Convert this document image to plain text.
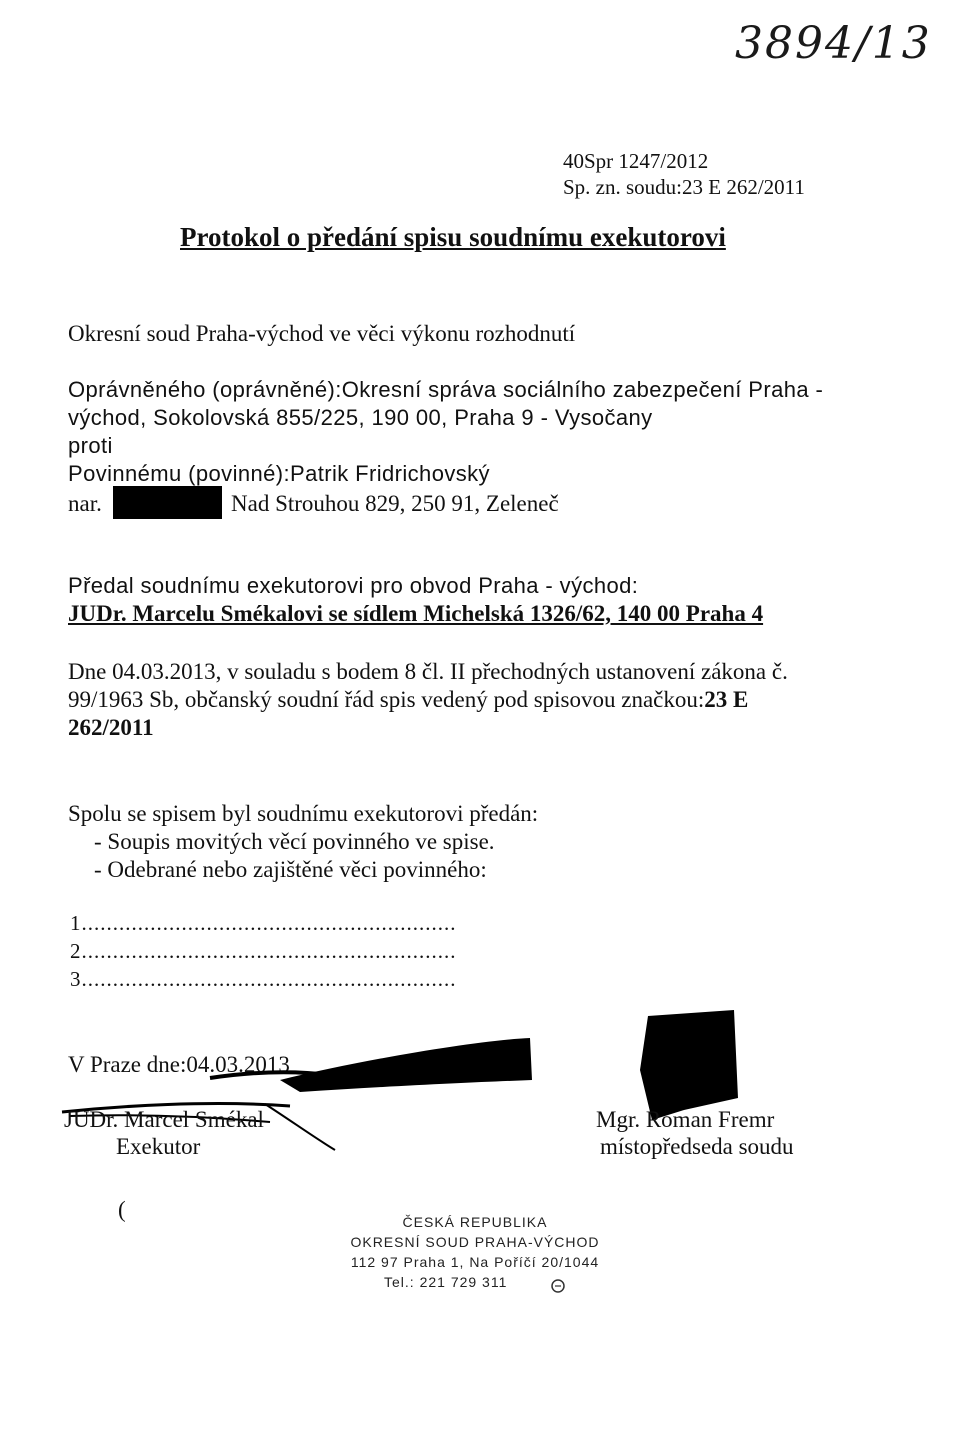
3894/13
40Spr 1247/2012
Sp. zn. soudu:23 E 262/2011
Protokol o předání spisu soudnímu exekutorovi
Okresní soud Praha-východ ve věci výkonu rozhodnutí
Oprávněného (oprávněné):Okresní správa sociálního zabezpečení Praha -
východ, Sokolovská 855/225, 190 00, Praha 9 - Vysočany
proti
Povinnému (povinné):Patrik Fridrichovský
nar.	Nad Strouhou 829, 250 91, Zeleneč
Předal soudnímu exekutorovi pro obvod Praha - východ:
JUDr. Marcelu Smékalovi se sídlem Michelská 1326/62, 140 00 Praha 4
Dne 04.03.2013, v souladu s bodem 8 čl. II přechodných ustanovení zákona č.
99/1963 Sb, občanský soudní řád spis vedený pod spisovou značkou:23 E
262/2011
Spolu se spisem byl soudnímu exekutorovi předán:
- Soupis movitých věcí povinného ve spise.
- Odebrané nebo zajištěné věci povinného:
1............................................................
2............................................................
3............................................................
V Praze dne:04.03.2013
JUDr. Marcel Smékal
Exekutor
Mgr. Roman Fremr
místopředseda soudu
(	ČESKÁ REPUBLIKA
OKRESNÍ SOUD PRAHA-VÝCHOD
112 97 Praha 1, Na Poříčí 20/1044
Tel.: 221 729 311
